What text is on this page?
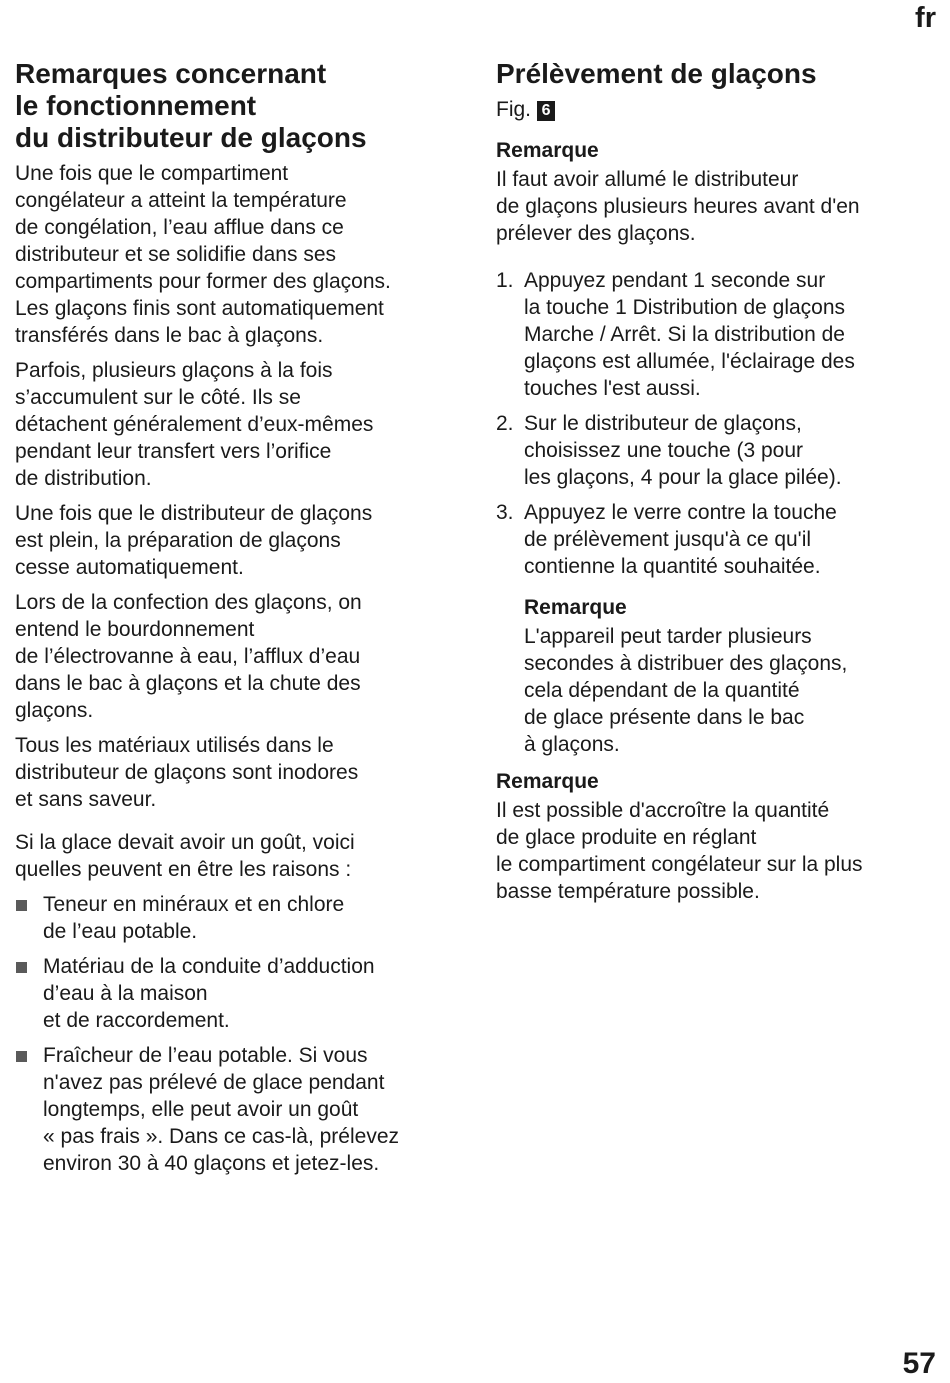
fr
Remarques concernant
le fonctionnement
du distributeur de glaçons

Une fois que le compartiment
congélateur a atteint la température
de congélation, l’eau afflue dans ce
distributeur et se solidifie dans ses
compartiments pour former des glaçons.
Les glaçons finis sont automatiquement
transférés dans le bac à glaçons.

Parfois, plusieurs glaçons à la fois
s’accumulent sur le côté. Ils se
détachent généralement d’eux-mêmes
pendant leur transfert vers l’orifice
de distribution.

Une fois que le distributeur de glaçons
est plein, la préparation de glaçons
cesse automatiquement.

Lors de la confection des glaçons, on
entend le bourdonnement
de l’électrovanne à eau, l’afflux d’eau
dans le bac à glaçons et la chute des
glaçons.

Tous les matériaux utilisés dans le
distributeur de glaçons sont inodores
et sans saveur.

Si la glace devait avoir un goût, voici
quelles peuvent en être les raisons :

Teneur en minéraux et en chlore
de l’eau potable.
Matériau de la conduite d’adduction
d’eau à la maison
et de raccordement.
Fraîcheur de l’eau potable. Si vous
n'avez pas prélevé de glace pendant
longtemps, elle peut avoir un goût
« pas frais ». Dans ce cas-là, prélevez
environ 30 à 40 glaçons et jetez-les.
Prélèvement de glaçons
Fig. 6
Remarque
Il faut avoir allumé le distributeur
de glaçons plusieurs heures avant d'en
prélever des glaçons.
1. Appuyez pendant 1 seconde sur
la touche 1 Distribution de glaçons
Marche / Arrêt. Si la distribution de
glaçons est allumée, l'éclairage des
touches l'est aussi.
2. Sur le distributeur de glaçons,
choisissez une touche (3 pour
les glaçons, 4 pour la glace pilée).
3. Appuyez le verre contre la touche
de prélèvement jusqu'à ce qu'il
contienne la quantité souhaitée.
Remarque
L'appareil peut tarder plusieurs
secondes à distribuer des glaçons,
cela dépendant de la quantité
de glace présente dans le bac
à glaçons.
Remarque
Il est possible d'accroître la quantité
de glace produite en réglant
le compartiment congélateur sur la plus
basse température possible.
57
